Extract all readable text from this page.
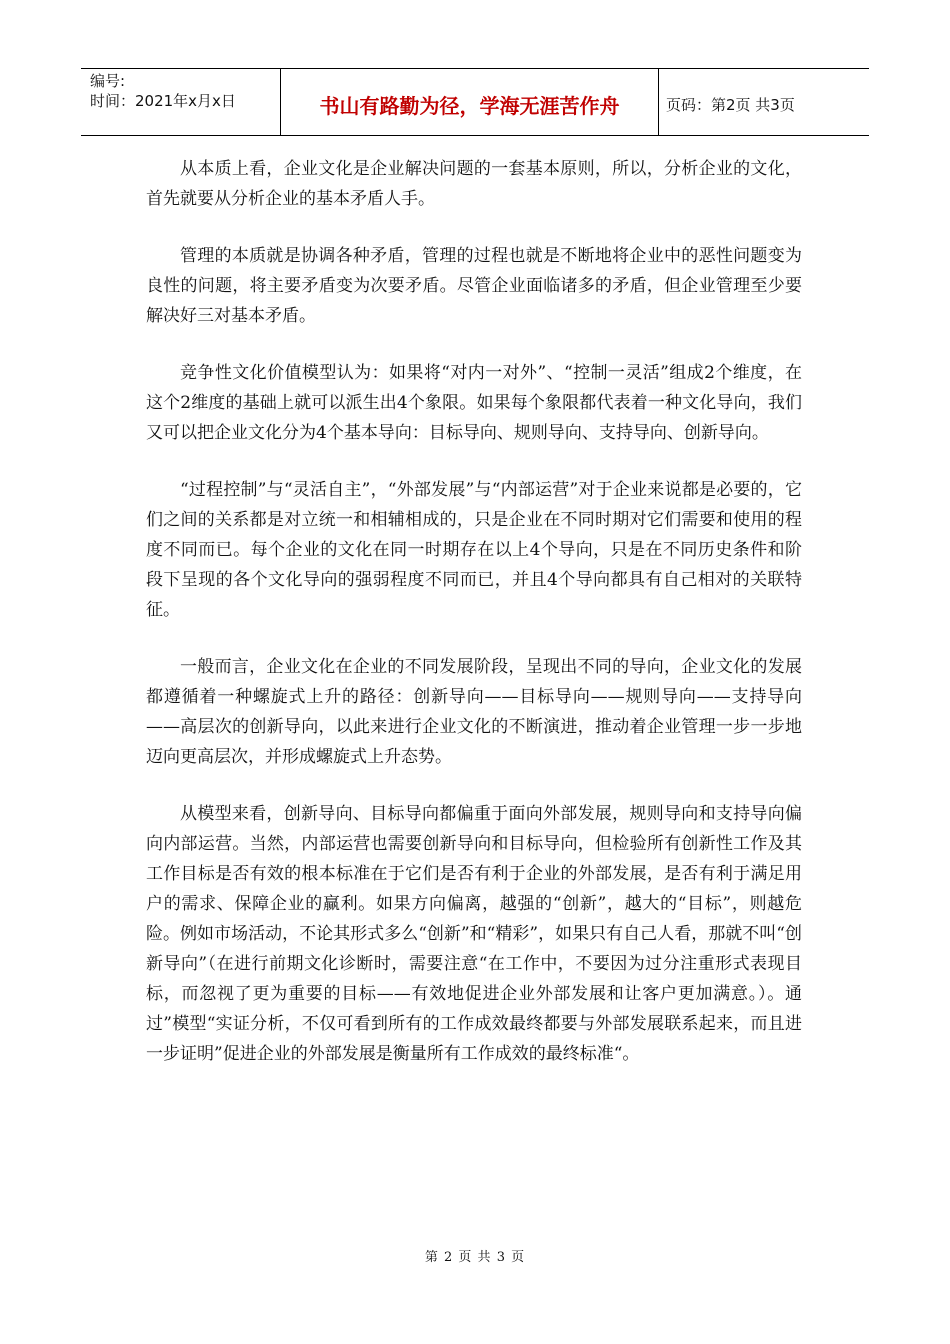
编号:
时间：2021年x月x日	书山有路勤为径，学海无涯苦作舟	页码：第2页 共3页

从本质上看，企业文化是企业解决问题的一套基本原则，所以，分析企业的文化，首先就要从分析企业的基本矛盾人手。

管理的本质就是协调各种矛盾，管理的过程也就是不断地将企业中的恶性问题变为良性的问题，将主要矛盾变为次要矛盾。尽管企业面临诸多的矛盾，但企业管理至少要解决好三对基本矛盾。

竞争性文化价值模型认为：如果将“对内一对外”、“控制一灵活”组成2个维度，在这个2维度的基础上就可以派生出4个象限。如果每个象限都代表着一种文化导向，我们又可以把企业文化分为4个基本导向：目标导向、规则导向、支持导向、创新导向。

“过程控制”与“灵活自主”，“外部发展”与“内部运营”对于企业来说都是必要的，它们之间的关系都是对立统一和相辅相成的，只是企业在不同时期对它们需要和使用的程度不同而已。每个企业的文化在同一时期存在以上4个导向，只是在不同历史条件和阶段下呈现的各个文化导向的强弱程度不同而已，并且4个导向都具有自己相对的关联特征。

一般而言，企业文化在企业的不同发展阶段，呈现出不同的导向，企业文化的发展都遵循着一种螺旋式上升的路径：创新导向——目标导向——规则导向——支持导向——高层次的创新导向，以此来进行企业文化的不断演进，推动着企业管理一步一步地迈向更高层次，并形成螺旋式上升态势。

从模型来看，创新导向、目标导向都偏重于面向外部发展，规则导向和支持导向偏向内部运营。当然，内部运营也需要创新导向和目标导向，但检验所有创新性工作及其工作目标是否有效的根本标准在于它们是否有利于企业的外部发展，是否有利于满足用户的需求、保障企业的赢利。如果方向偏离，越强的“创新”，越大的“目标”，则越危险。例如市场活动，不论其形式多么“创新”和“精彩”，如果只有自己人看，那就不叫“创新导向”（在进行前期文化诊断时，需要注意“在工作中，不要因为过分注重形式表现目标，而忽视了更为重要的目标——有效地促进企业外部发展和让客户更加满意。）。通过”模型“实证分析，不仅可看到所有的工作成效最终都要与外部发展联系起来，而且进一步证明”促进企业的外部发展是衡量所有工作成效的最终标准“。

第 2 页 共 3 页
